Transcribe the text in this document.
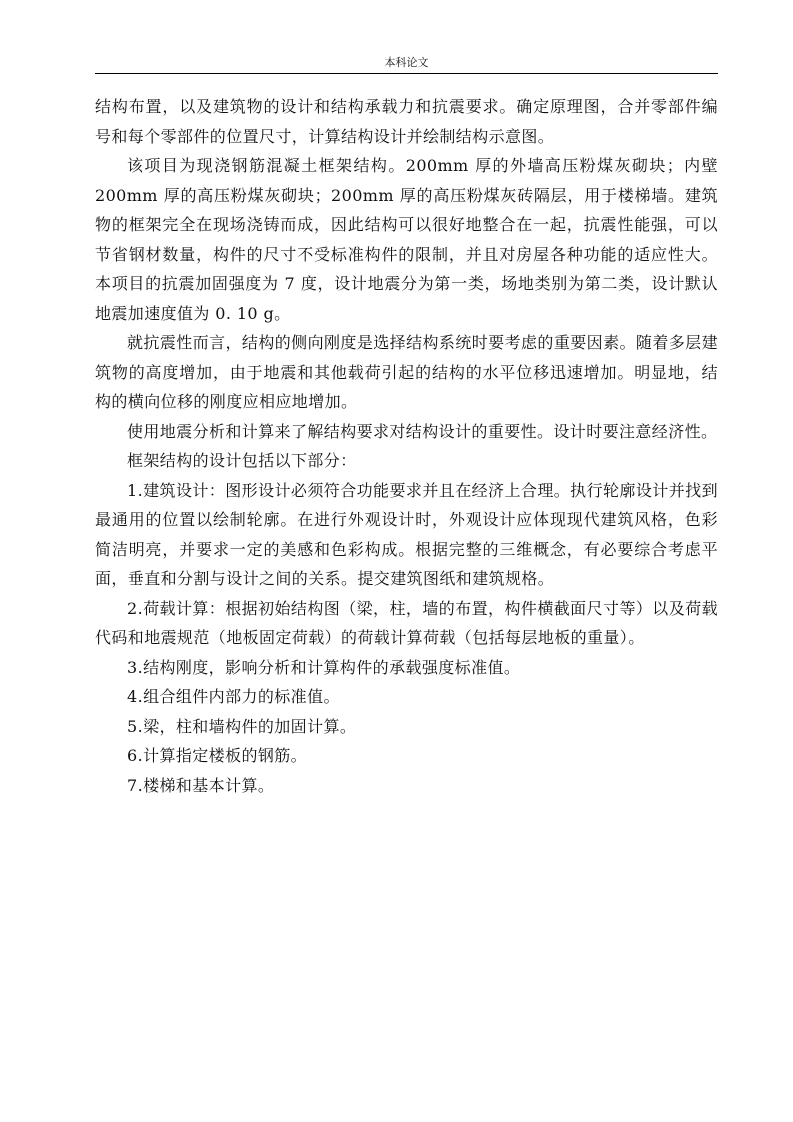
本科论文

结构布置，以及建筑物的设计和结构承载力和抗震要求。确定原理图，合并零部件编号和每个零部件的位置尺寸，计算结构设计并绘制结构示意图。

该项目为现浇钢筋混凝土框架结构。200mm 厚的外墙高压粉煤灰砌块；内壁 200mm 厚的高压粉煤灰砌块；200mm 厚的高压粉煤灰砖隔层，用于楼梯墙。建筑物的框架完全在现场浇铸而成，因此结构可以很好地整合在一起，抗震性能强，可以节省钢材数量，构件的尺寸不受标准构件的限制，并且对房屋各种功能的适应性大。本项目的抗震加固强度为 7 度，设计地震分为第一类，场地类别为第二类，设计默认地震加速度值为 0. 10 g。

就抗震性而言，结构的侧向刚度是选择结构系统时要考虑的重要因素。随着多层建筑物的高度增加，由于地震和其他载荷引起的结构的水平位移迅速增加。明显地，结构的横向位移的刚度应相应地增加。

使用地震分析和计算来了解结构要求对结构设计的重要性。设计时要注意经济性。

框架结构的设计包括以下部分：

1.建筑设计：图形设计必须符合功能要求并且在经济上合理。执行轮廓设计并找到最通用的位置以绘制轮廓。在进行外观设计时，外观设计应体现现代建筑风格，色彩简洁明亮，并要求一定的美感和色彩构成。根据完整的三维概念，有必要综合考虑平面，垂直和分割与设计之间的关系。提交建筑图纸和建筑规格。

2.荷载计算：根据初始结构图（梁，柱，墙的布置，构件横截面尺寸等）以及荷载代码和地震规范（地板固定荷载）的荷载计算荷载（包括每层地板的重量）。

3.结构刚度，影响分析和计算构件的承载强度标准值。

4.组合组件内部力的标准值。

5.梁，柱和墙构件的加固计算。

6.计算指定楼板的钢筋。

7.楼梯和基本计算。
